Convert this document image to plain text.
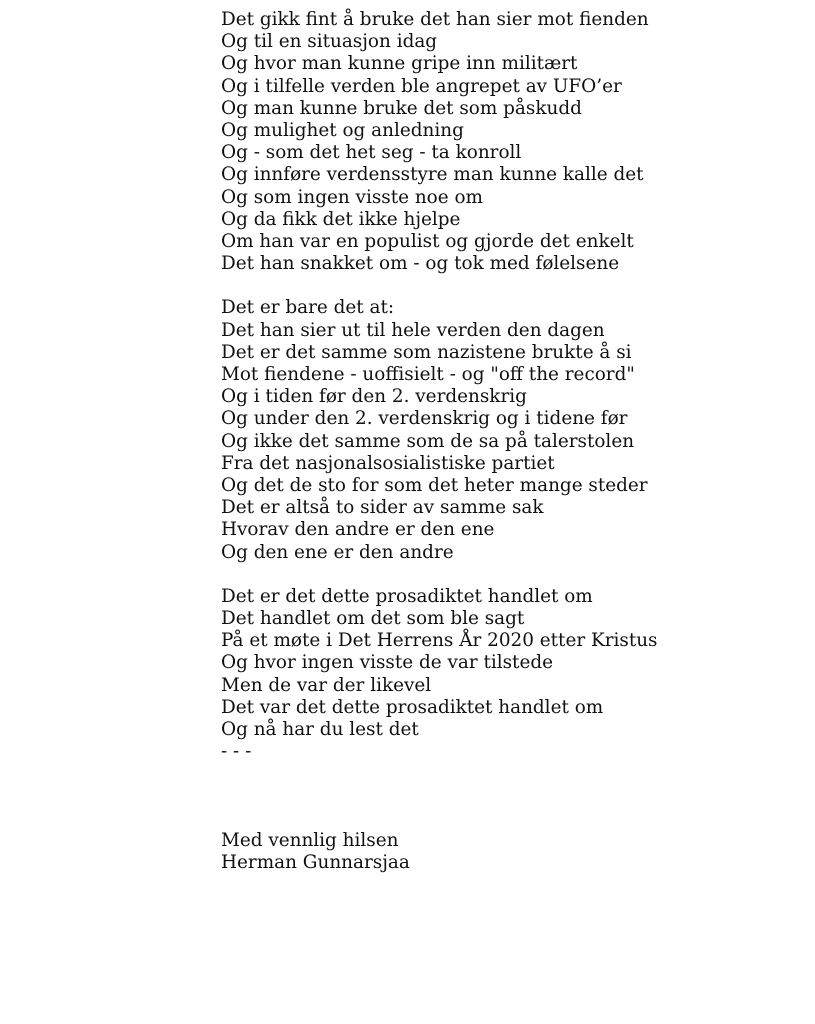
Det gikk fint å bruke det han sier mot fienden
Og til en situasjon idag
Og hvor man kunne gripe inn militært
Og i tilfelle verden ble angrepet av UFO’er
Og man kunne bruke det som påskudd
Og mulighet og anledning
Og - som det het seg - ta konroll
Og innføre verdensstyre man kunne kalle det
Og som ingen visste noe om
Og da fikk det ikke hjelpe
Om han var en populist og gjorde det enkelt
Det han snakket om - og tok med følelsene
Det er bare det at:
Det han sier ut til hele verden den dagen
Det er det samme som nazistene brukte å si
Mot fiendene - uoffisielt - og "off the record"
Og i tiden før den 2. verdenskrig
Og under den 2. verdenskrig og i tidene før
Og ikke det samme som de sa på talerstolen
Fra det nasjonalsosialistiske partiet
Og det de sto for som det heter mange steder
Det er altså to sider av samme sak
Hvorav den andre er den ene
Og den ene er den andre
Det er det dette prosadiktet handlet om
Det handlet om det som ble sagt
På et møte i Det Herrens År 2020 etter Kristus
Og hvor ingen visste de var tilstede
Men de var der likevel
Det var det dette prosadiktet handlet om
Og nå har du lest det
- - -
Med vennlig hilsen
Herman Gunnarsjaa
